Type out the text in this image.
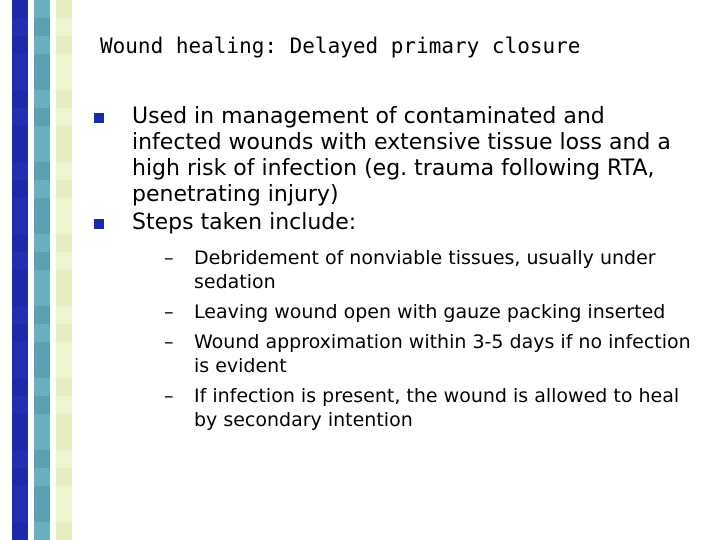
Wound healing: Delayed primary closure
Used in management of contaminated and infected wounds with extensive tissue loss and a high risk of infection (eg. trauma following RTA, penetrating injury)
Steps taken include:
– Debridement of nonviable tissues, usually under sedation
– Leaving wound open with gauze packing inserted
– Wound approximation within 3-5 days if no infection is evident
– If infection is present, the wound is allowed to heal by secondary intention
